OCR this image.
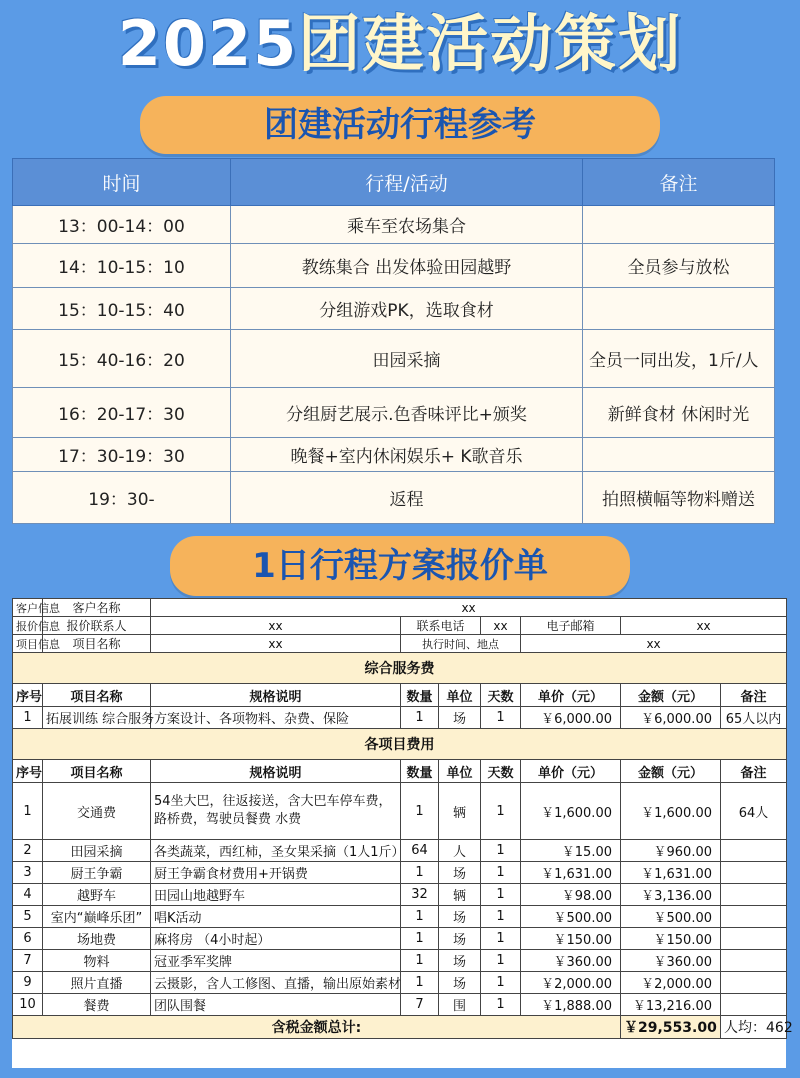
2025团建活动策划
团建活动行程参考
时间	行程/活动	备注
13：00-14：00	乘车至农场集合	
14：10-15：10	教练集合 出发体验田园越野	全员参与放松
15：10-15：40	分组游戏PK，选取食材	
15：40-16：20	田园采摘	全员一同出发，1斤/人
16：20-17：30	分组厨艺展示.色香味评比+颁奖	新鲜食材 休闲时光
17：30-19：30	晚餐+室内休闲娱乐+ K歌音乐	
19：30-	返程	拍照横幅等物料赠送
1日行程方案报价单
客户信息	客户名称	xx						
报价信息	报价联系人	xx	联系电话		xx	电子邮箱	xx	
项目信息	项目名称	xx	执行时间、地点			xx		
综合服务费								
序号	项目名称	规格说明	数量	单位	天数	单价（元）	金额（元）	备注
1	拓展训练 综合服务	方案设计、各项物料、杂费、保险	1	场	1	￥6,000.00	￥6,000.00	65人以内
各项目费用								
序号	项目名称	规格说明	数量	单位	天数	单价（元）	金额（元）	备注
1	交通费	54坐大巴，往返接送，含大巴车停车费，路桥费，驾驶员餐费 水费	1	辆	1	￥1,600.00	￥1,600.00	64人
2	田园采摘	各类蔬菜，西红柿，圣女果采摘（1人1斤）	64	人	1	￥15.00	￥960.00	
3	厨王争霸	厨王争霸食材费用+开锅费	1	场	1	￥1,631.00	￥1,631.00	
4	越野车	田园山地越野车	32	辆	1	￥98.00	￥3,136.00	
5	室内“巅峰乐团”	唱K活动	1	场	1	￥500.00	￥500.00	
6	场地费	麻将房 （4小时起）	1	场	1	￥150.00	￥150.00	
7	物料	冠亚季军奖牌	1	场	1	￥360.00	￥360.00	
9	照片直播	云摄影，含人工修图、直播，输出原始素材	1	场	1	￥2,000.00	￥2,000.00	
10	餐费	团队围餐	7	围	1	￥1,888.00	￥13,216.00	
含税金额总计:							￥29,553.00	人均：462
